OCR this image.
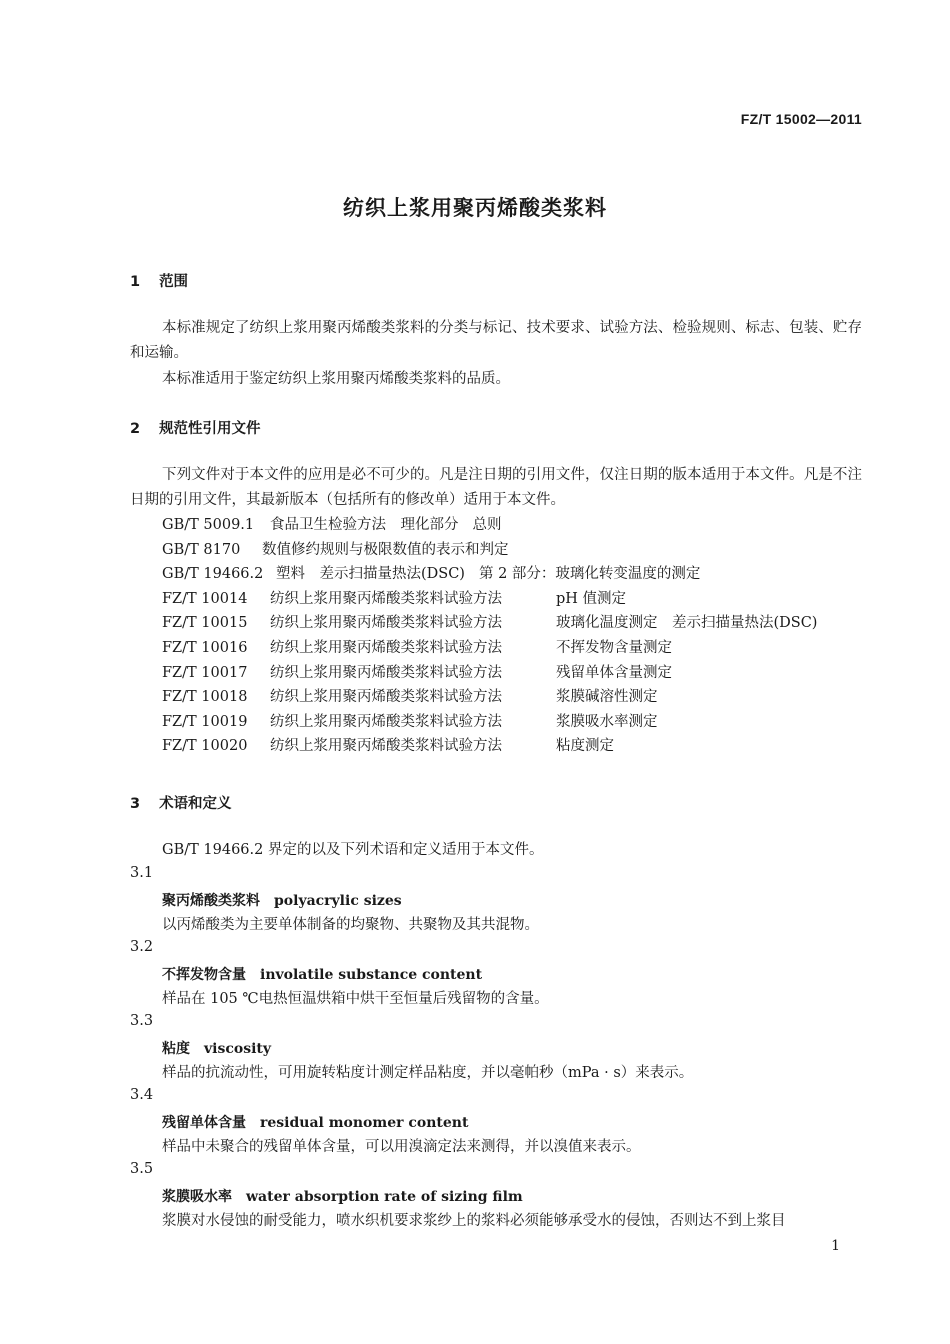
FZ/T 15002—2011
纺织上浆用聚丙烯酸类浆料
1 范围
本标准规定了纺织上浆用聚丙烯酸类浆料的分类与标记、技术要求、试验方法、检验规则、标志、包装、贮存和运输。
本标准适用于鉴定纺织上浆用聚丙烯酸类浆料的品质。
2 规范性引用文件
下列文件对于本文件的应用是必不可少的。凡是注日期的引用文件，仅注日期的版本适用于本文件。凡是不注日期的引用文件，其最新版本（包括所有的修改单）适用于本文件。
GB/T 5009.1 食品卫生检验方法　理化部分 总则
GB/T 8170 数值修约规则与极限数值的表示和判定
GB/T 19466.2 塑料　差示扫描量热法(DSC) 第 2 部分：玻璃化转变温度的测定
FZ/T 10014 纺织上浆用聚丙烯酸类浆料试验方法	pH 值测定
FZ/T 10015 纺织上浆用聚丙烯酸类浆料试验方法	玻璃化温度测定　差示扫描量热法(DSC)
FZ/T 10016 纺织上浆用聚丙烯酸类浆料试验方法	不挥发物含量测定
FZ/T 10017 纺织上浆用聚丙烯酸类浆料试验方法	残留单体含量测定
FZ/T 10018 纺织上浆用聚丙烯酸类浆料试验方法	浆膜碱溶性测定
FZ/T 10019 纺织上浆用聚丙烯酸类浆料试验方法	浆膜吸水率测定
FZ/T 10020 纺织上浆用聚丙烯酸类浆料试验方法	粘度测定
3 术语和定义
GB/T 19466.2 界定的以及下列术语和定义适用于本文件。
3.1
聚丙烯酸类浆料 polyacrylic sizes
以丙烯酸类为主要单体制备的均聚物、共聚物及其共混物。
3.2
不挥发物含量 involatile substance content
样品在 105 ℃电热恒温烘箱中烘干至恒量后残留物的含量。
3.3
粘度 viscosity
样品的抗流动性，可用旋转粘度计测定样品粘度，并以毫帕秒（mPa · s）来表示。
3.4
残留单体含量 residual monomer content
样品中未聚合的残留单体含量，可以用溴滴定法来测得，并以溴值来表示。
3.5
浆膜吸水率 water absorption rate of sizing film
浆膜对水侵蚀的耐受能力，喷水织机要求浆纱上的浆料必须能够承受水的侵蚀，否则达不到上浆目
1
